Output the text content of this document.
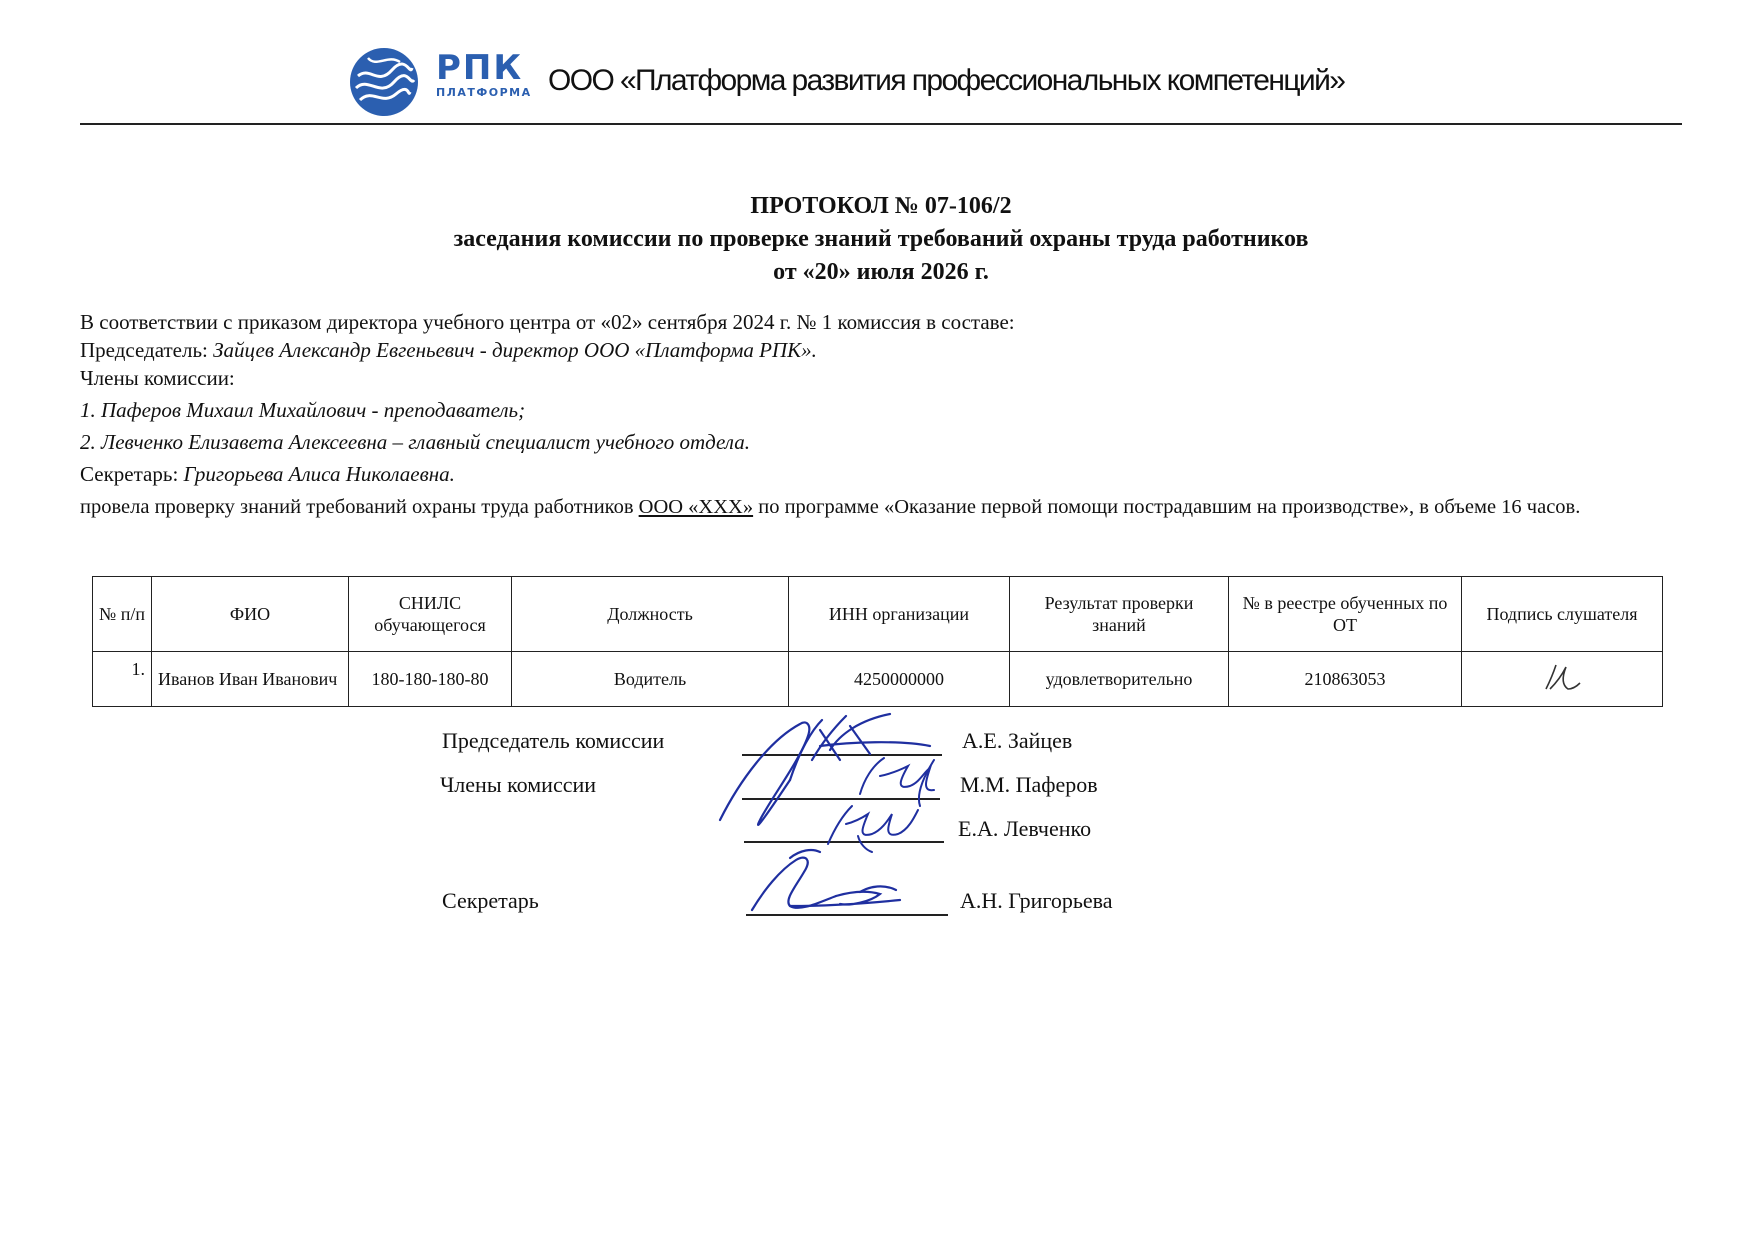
РПК
ПЛАТФОРМА ООО «Платформа развития профессиональных компетенций»
ПРОТОКОЛ № 07-106/2
заседания комиссии по проверке знаний требований охраны труда работников
от «20» июля 2026 г.
В соответствии с приказом директора учебного центра от «02» сентября 2024 г. № 1 комиссия в составе:
Председатель: Зайцев Александр Евгеньевич - директор ООО «Платформа РПК».
Члены комиссии:
1. Паферов Михаил Михайлович - преподаватель;
2. Левченко Елизавета Алексеевна – главный специалист учебного отдела.
Секретарь: Григорьева Алиса Николаевна.
провела проверку знаний требований охраны труда работников ООО «ХХХ» по программе «Оказание первой помощи пострадавшим на производстве», в объеме 16 часов.
№ п/п	ФИО	СНИЛС обучающегося	Должность	ИНН организации	Результат проверки знаний	№ в реестре обученных по ОТ	Подпись слушателя
1.	Иванов Иван Иванович	180-180-180-80	Водитель	4250000000	удовлетворительно	210863053	
Председатель комиссии	А.Е. Зайцев
Члены комиссии	М.М. Паферов
Е.А. Левченко
Секретарь	А.Н. Григорьева
